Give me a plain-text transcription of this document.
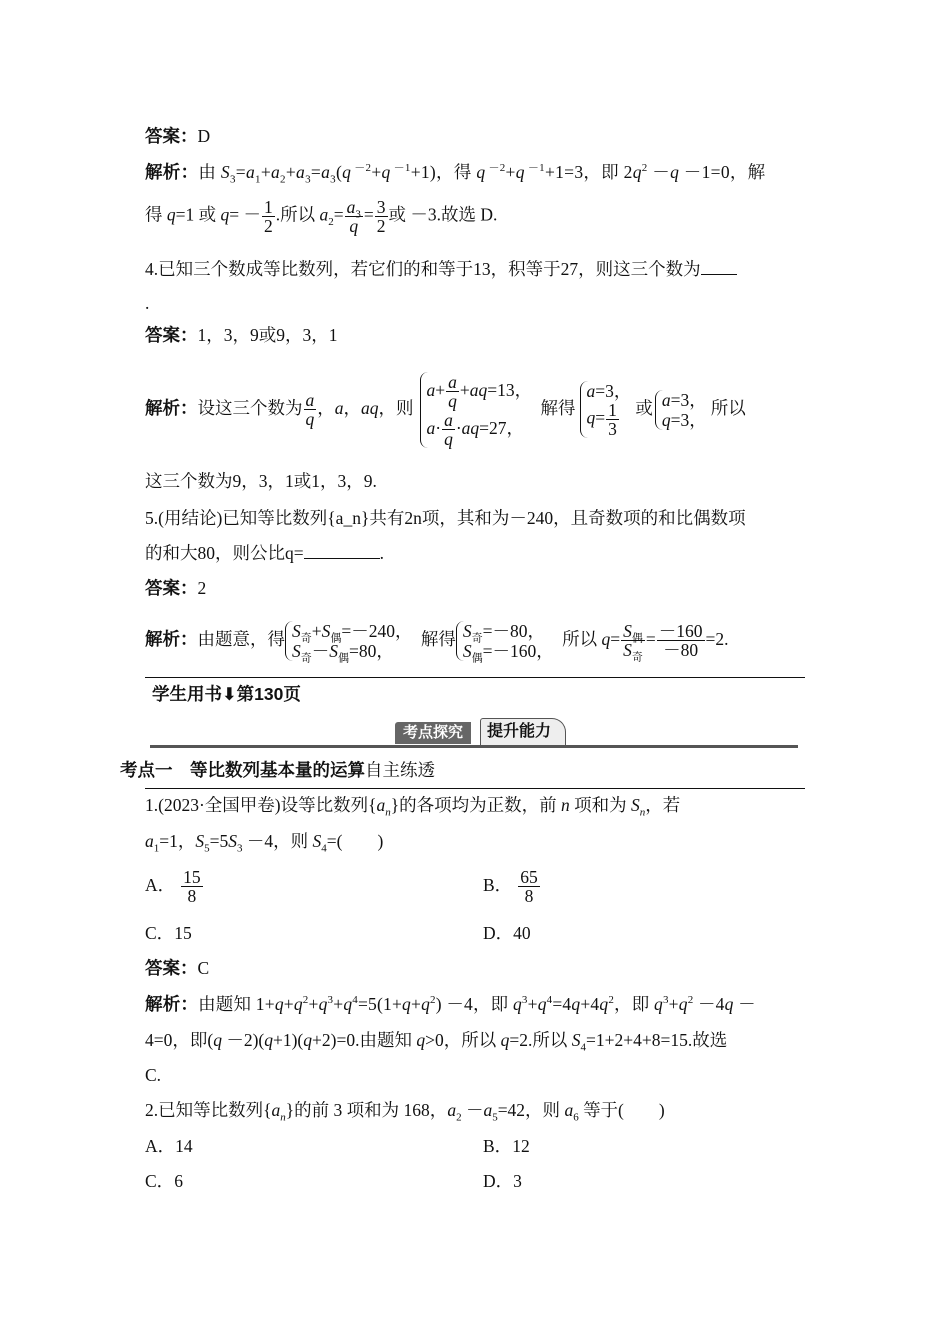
答案：D
解析：由 $S_3=a_1+a_2+a_3=a_3(q$ $^{-2}$+q $^{-1}$+1)，得 q $^{-2}$+q $^{-1}$+1=3，即 $2q^2 -q -1=0$，解
得 q=1 或 $q= - \frac{1}{2}$ .所以 $a_2= \frac{a_3}{q} = \frac{3}{2}$ 或 －3.故选 D.
4.已知三个数成等比数列，若它们的和等于13，积等于27，则这三个数为
.
答案：1，3，9或9，3，1
解析：设这三个数为 $\frac{a}{q}$ ，a，aq，则
$a+ \frac{a}{q} +aq=13$，
$a\cdot \frac{a}{q} \cdot aq=27$，
解得
a=3，
$q= \frac{1}{3}$ 或 a=3，
q=3，
所以
这三个数为9，3，1或1，3，9.
5.(用结论)已知等比数列{a_n}共有2n项，其和为－240，且奇数项的和比偶数项
的和大80，则公比q=	.
答案：2
解析：由题意，得 $S_奇+S_偶=-240$，
$S_奇-S_偶=80$，
解得 $S_奇=-80$，
$S_偶=-160$，
所以 $q= \frac{S_偶}{S_奇} = \frac{-160}{-80} =2$.
学生用书⬇第130页
考点探究	提升能力
考点一　等比数列基本量的运算自主练透
1.(2023·全国甲卷)设等比数列$\{a_n\}$的各项均为正数，前 n 项和为 $S_n$，若
$a_1=1$，$S_5=5S_3 -4$，则 $S_4=$(　　)
A． $\frac{15}{8}$	B． $\frac{65}{8}$
C．15	D．40
答案：C
解析：由题知 $1+q+q^2+q^3+q^4=5(1+q+q^2) -4$，即 $q^3+q^4=4q+4q^2$，即 $q^3+q^2 -4q$ －
4=0，即(q －2)(q+1)(q+2)=0.由题知 q>0，所以 q=2.所以 $S_4=1+2+4+8=15$.故选
C.
2.已知等比数列$\{a_n\}$的前 3 项和为 168，$a_2 -a_5=42$，则 $a_6$ 等于(　　)
A．14	B．12
C．6	D．3
